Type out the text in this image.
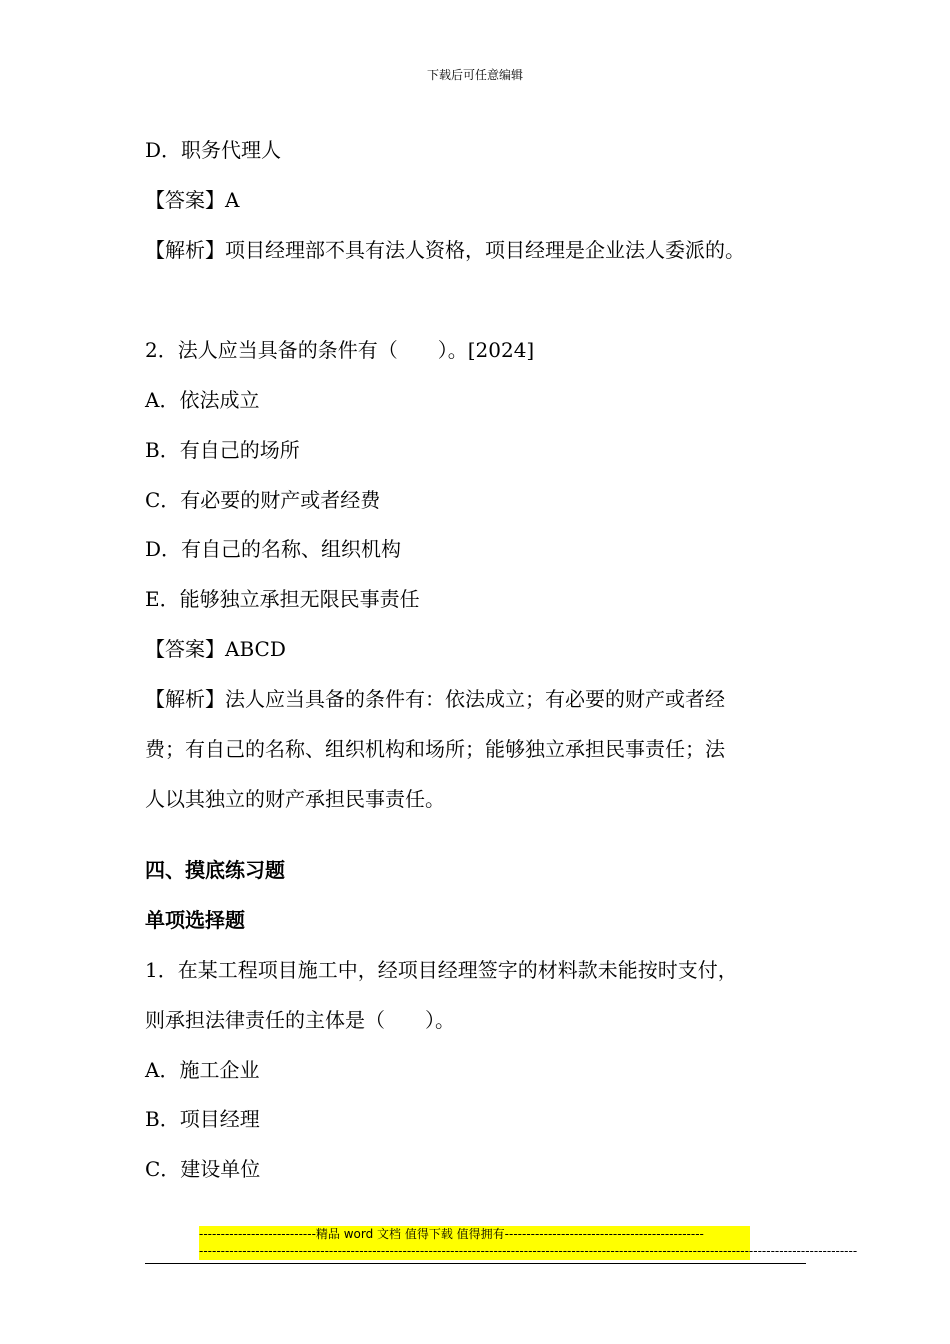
下载后可任意编辑
D．职务代理人
【答案】A
【解析】项目经理部不具有法人资格，项目经理是企业法人委派的。
2．法人应当具备的条件有（　　）。[2024]
A．依法成立
B．有自己的场所
C．有必要的财产或者经费
D．有自己的名称、组织机构
E．能够独立承担无限民事责任
【答案】ABCD
【解析】法人应当具备的条件有：依法成立；有必要的财产或者经
费；有自己的名称、组织机构和场所；能够独立承担民事责任；法
人以其独立的财产承担民事责任。
四、摸底练习题
单项选择题
1．在某工程项目施工中，经项目经理签字的材料款未能按时支付，
则承担法律责任的主体是（　　）。
A．施工企业
B．项目经理
C．建设单位
---------------------------精品 word 文档 值得下载 值得拥有----------------------------------------------
--------------------------------------------------------------------------------------------------------------------------------------------------------
